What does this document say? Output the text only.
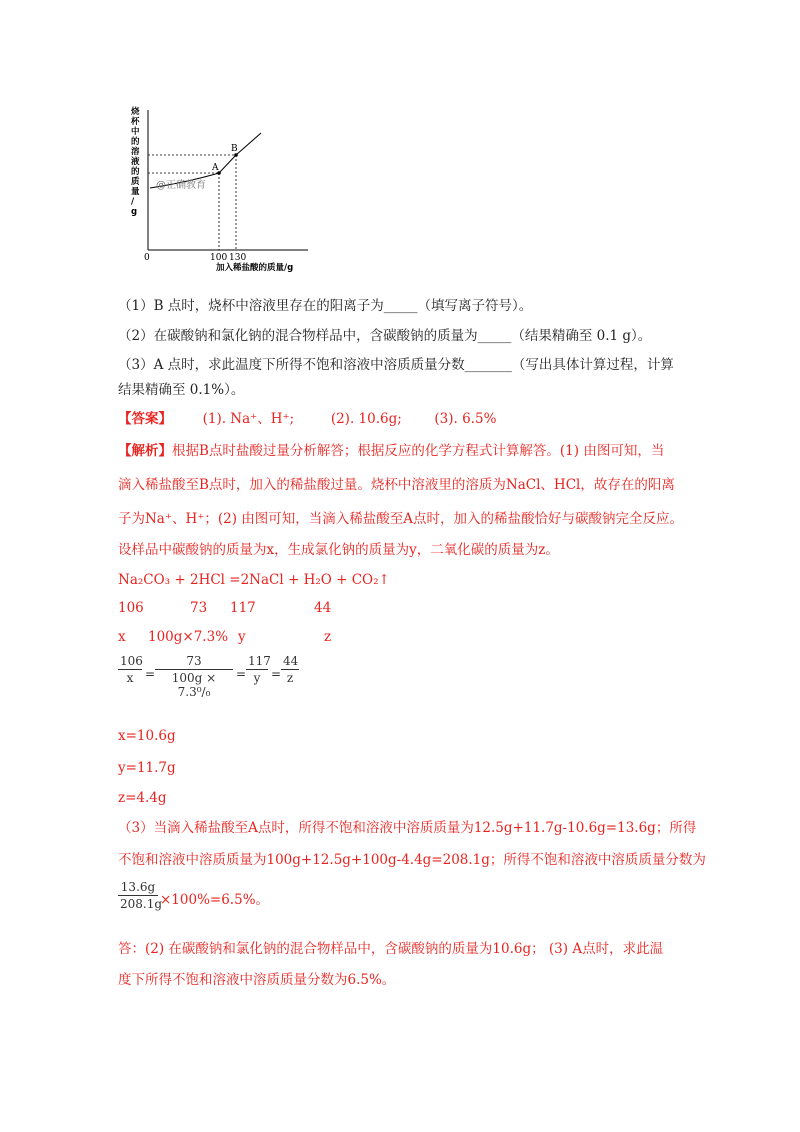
烧杯中的溶液的质量/ g
A
B
@正确教育
0	100 130
加入稀盐酸的质量/g
（1）B 点时，烧杯中溶液里存在的阳离子为_____（填写离子符号）。
（2）在碳酸钠和氯化钠的混合物样品中，含碳酸钠的质量为_____（结果精确至 0.1 g）。
（3）A 点时，求此温度下所得不饱和溶液中溶质质量分数_______（写出具体计算过程，计算
结果精确至 0.1%）。
【答案】 (1). Na⁺、H⁺;	(2). 10.6g; (3). 6.5%
【解析】根据B点时盐酸过量分析解答；根据反应的化学方程式计算解答。(1) 由图可知，当
滴入稀盐酸至B点时，加入的稀盐酸过量。烧杯中溶液里的溶质为NaCl、HCl，故存在的阳离
子为Na⁺、H⁺；(2) 由图可知，当滴入稀盐酸至A点时，加入的稀盐酸恰好与碳酸钠完全反应。
设样品中碳酸钠的质量为x，生成氯化钠的质量为y，二氧化碳的质量为z。
Na₂CO₃ + 2HCl =2NaCl + H₂O + CO₂↑
106	73 117	44
x 100g×7.3% y	z
106
x =
73
100g × 7.3⁰/₀
=
117
y =
44
z
x=10.6g
y=11.7g
z=4.4g
（3）当滴入稀盐酸至A点时，所得不饱和溶液中溶质质量为12.5g+11.7g-10.6g=13.6g；所得
不饱和溶液中溶质质量为100g+12.5g+100g-4.4g=208.1g；所得不饱和溶液中溶质质量分数为
13.6g
208.1g
×100%=6.5%。
答：(2) 在碳酸钠和氯化钠的混合物样品中，含碳酸钠的质量为10.6g； (3) A点时，求此温
度下所得不饱和溶液中溶质质量分数为6.5%。
